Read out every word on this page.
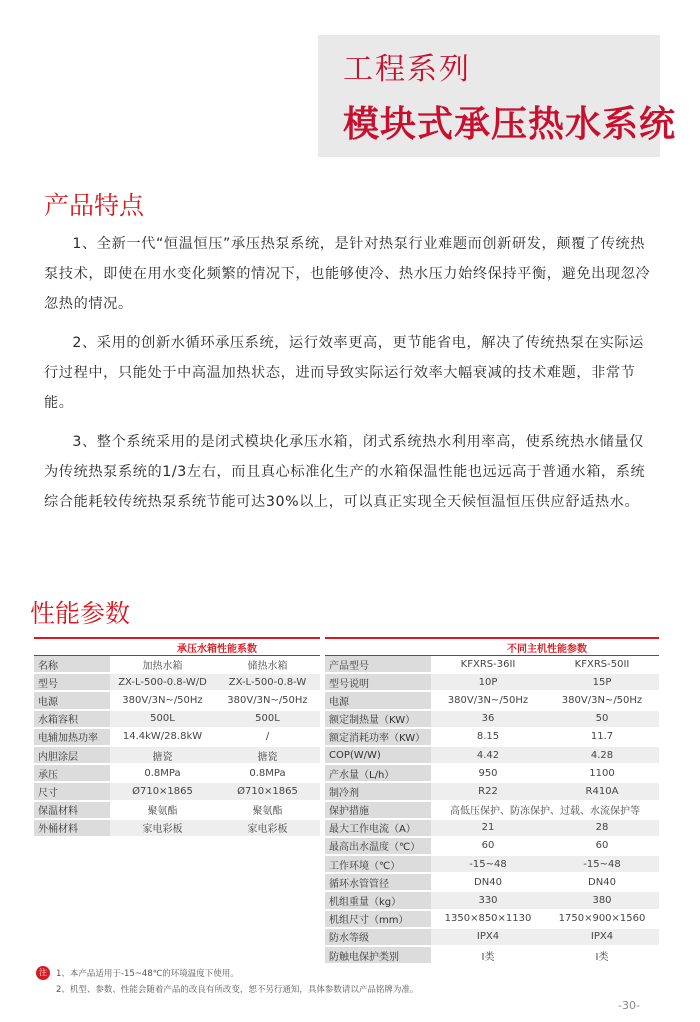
工程系列
模块式承压热水系统
产品特点

1、全新一代“恒温恒压”承压热泵系统，是针对热泵行业难题而创新研发，颠覆了传统热泵技术，即使在用水变化频繁的情况下，也能够使冷、热水压力始终保持平衡，避免出现忽冷忽热的情况。

2、采用的创新水循环承压系统，运行效率更高，更节能省电，解决了传统热泵在实际运行过程中，只能处于中高温加热状态，进而导致实际运行效率大幅衰减的技术难题，非常节能。

3、整个系统采用的是闭式模块化承压水箱，闭式系统热水利用率高，使系统热水储量仅为传统热泵系统的1/3左右，而且真心标准化生产的水箱保温性能也远远高于普通水箱，系统综合能耗较传统热泵系统节能可达30%以上，可以真正实现全天候恒温恒压供应舒适热水。

性能参数
	承压水箱性能系数	
名称	加热水箱	储热水箱
型号	ZX-L-500-0.8-W/D	ZX-L-500-0.8-W
电源	380V/3N~/50Hz	380V/3N~/50Hz
水箱容积	500L	500L
电辅加热功率	14.4kW/28.8kW	/
内胆涂层	搪瓷	搪瓷
承压	0.8MPa	0.8MPa
尺寸	Ø710×1865	Ø710×1865
保温材料	聚氨酯	聚氨酯
外桶材料	家电彩板	家电彩板
	不同主机性能参数	
产品型号	KFXRS-36II	KFXRS-50II
型号说明	10P	15P
电源	380V/3N~/50Hz	380V/3N~/50Hz
额定制热量（KW）	36	50
额定消耗功率（KW）	8.15	11.7
COP(W/W)	4.42	4.28
产水量（L/h）	950	1100
制冷剂	R22	R410A
保护措施	高低压保护、防冻保护、过载、水流保护等	
最大工作电流（A）	21	28
最高出水温度（℃）	60	60
工作环境（℃）	-15~48	-15~48
循环水管管径	DN40	DN40
机组重量（kg）	330	380
机组尺寸（mm）	1350×850×1130	1750×900×1560
防水等级	IPX4	IPX4
防触电保护类别	I类	I类
注	1、本产品适用于-15~48℃的环境温度下使用。
2、机型、参数、性能会随着产品的改良有所改变，恕不另行通知，具体参数请以产品铭牌为准。
-30-
